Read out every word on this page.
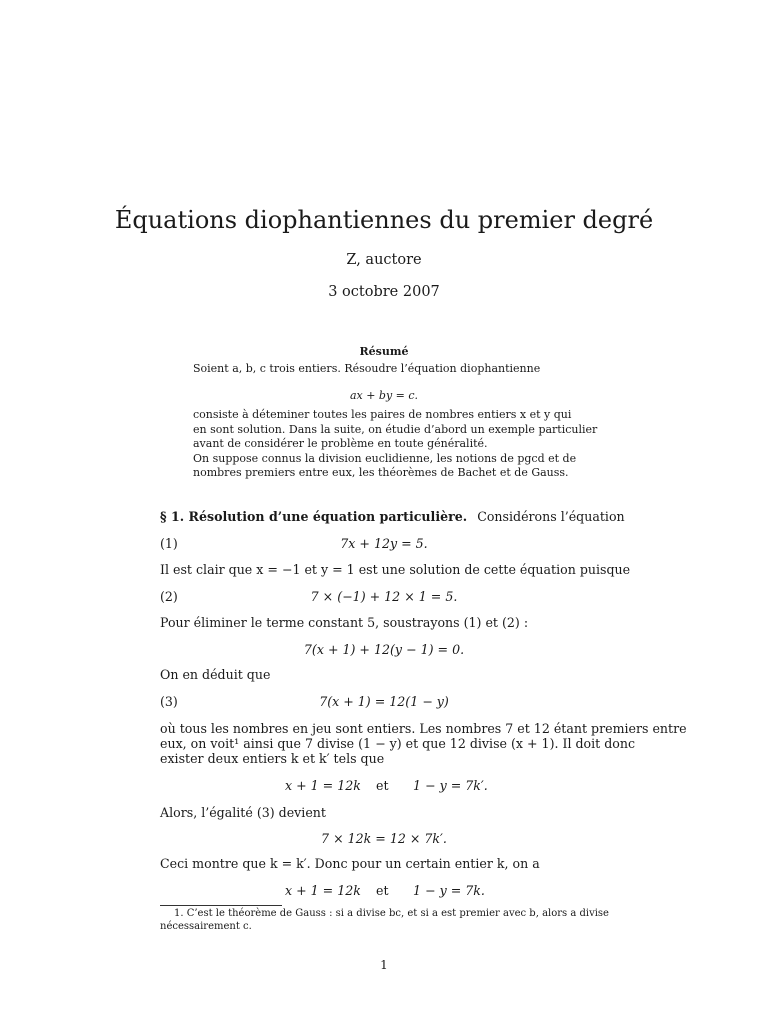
Équations diophantiennes du premier degré
Z, auctore
3 octobre 2007
Résumé
Soient a, b, c trois entiers. Résoudre l’équation diophantienne
ax + by = c.
consiste à déteminer toutes les paires de nombres entiers x et y qui
en sont solution. Dans la suite, on étudie d’abord un exemple particulier
avant de considérer le problème en toute généralité.
On suppose connus la division euclidienne, les notions de pgcd et de
nombres premiers entre eux, les théorèmes de Bachet et de Gauss.
§ 1. Résolution d’une équation particulière. Considérons l’équation
(1)	7x + 12y = 5.
Il est clair que x = −1 et y = 1 est une solution de cette équation puisque
(2)	7 × (−1) + 12 × 1 = 5.
Pour éliminer le terme constant 5, soustrayons (1) et (2) :
7(x + 1) + 12(y − 1) = 0.
On en déduit que
(3)	7(x + 1) = 12(1 − y)
où tous les nombres en jeu sont entiers. Les nombres 7 et 12 étant premiers entre
eux, on voit¹ ainsi que 7 divise (1 − y) et que 12 divise (x + 1). Il doit donc
exister deux entiers k et k′ tels que
x + 1 = 12k et 1 − y = 7k′.
Alors, l’égalité (3) devient
7 × 12k = 12 × 7k′.
Ceci montre que k = k′. Donc pour un certain entier k, on a
x + 1 = 12k et 1 − y = 7k.
1. C’est le théorème de Gauss : si a divise bc, et si a est premier avec b, alors a divise
nécessairement c.
1
